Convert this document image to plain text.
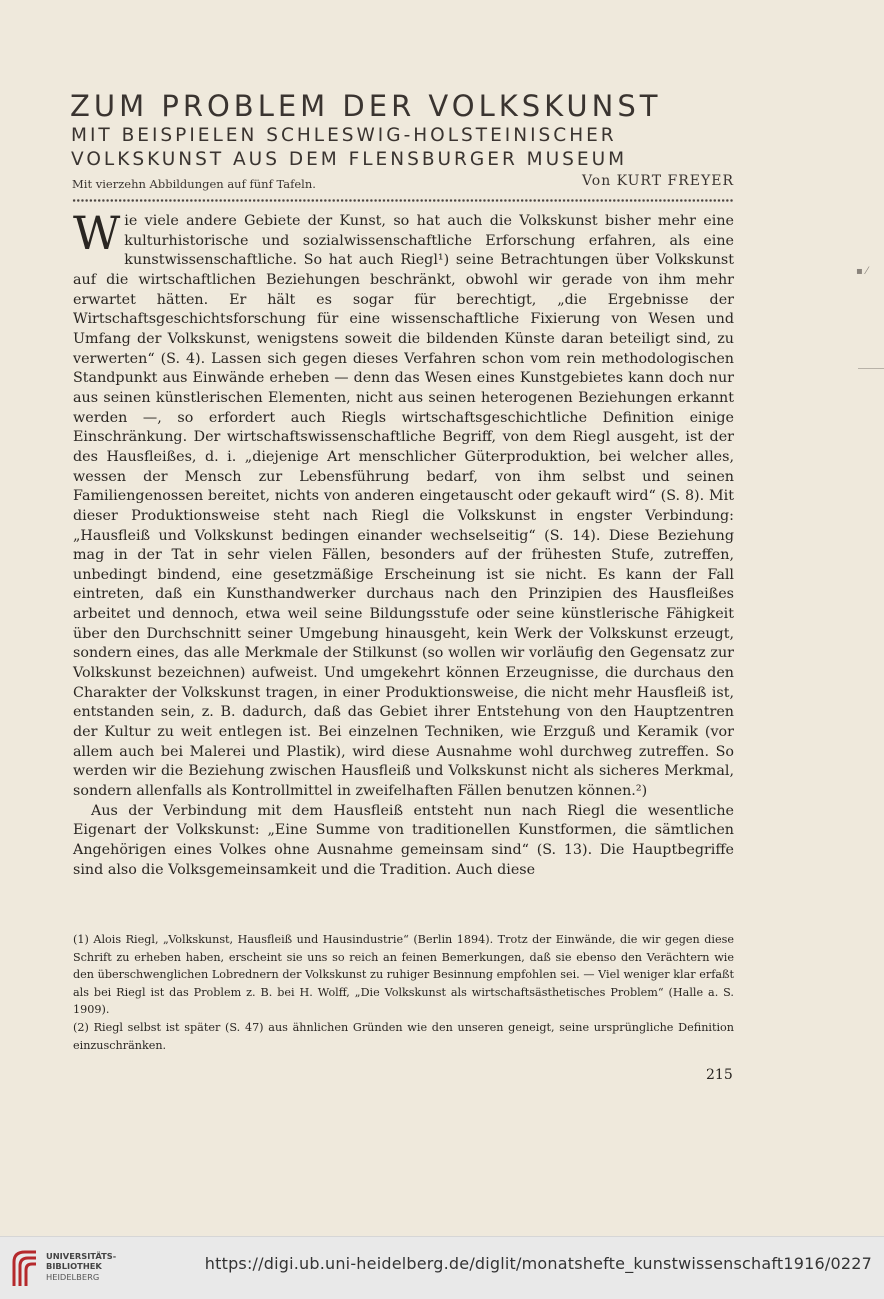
ZUM PROBLEM DER VOLKSKUNST
MIT BEISPIELEN SCHLESWIG-HOLSTEINISCHER
VOLKSKUNST AUS DEM FLENSBURGER MUSEUM
Mit vierzehn Abbildungen auf fünf Tafeln.	Von KURT FREYER

Wie viele andere Gebiete der Kunst, so hat auch die Volkskunst bisher mehr eine kulturhistorische und sozialwissenschaftliche Erforschung erfahren, als eine kunstwissenschaftliche. So hat auch Riegl¹) seine Betrachtungen über Volkskunst auf die wirtschaftlichen Beziehungen beschränkt, obwohl wir gerade von ihm mehr erwartet hätten. Er hält es sogar für berechtigt, „die Ergebnisse der Wirtschaftsgeschichtsforschung für eine wissenschaftliche Fixierung von Wesen und Umfang der Volkskunst, wenigstens soweit die bildenden Künste daran beteiligt sind, zu verwerten“ (S. 4). Lassen sich gegen dieses Verfahren schon vom rein methodologischen Standpunkt aus Einwände erheben — denn das Wesen eines Kunstgebietes kann doch nur aus seinen künstlerischen Elementen, nicht aus seinen heterogenen Beziehungen erkannt werden —, so erfordert auch Riegls wirtschaftsgeschichtliche Definition einige Einschränkung. Der wirtschaftswissenschaftliche Begriff, von dem Riegl ausgeht, ist der des Hausfleißes, d. i. „diejenige Art menschlicher Güterproduktion, bei welcher alles, wessen der Mensch zur Lebensführung bedarf, von ihm selbst und seinen Familiengenossen bereitet, nichts von anderen eingetauscht oder gekauft wird“ (S. 8). Mit dieser Produktionsweise steht nach Riegl die Volkskunst in engster Verbindung: „Hausfleiß und Volkskunst bedingen einander wechselseitig“ (S. 14). Diese Beziehung mag in der Tat in sehr vielen Fällen, besonders auf der frühesten Stufe, zutreffen, unbedingt bindend, eine gesetzmäßige Erscheinung ist sie nicht. Es kann der Fall eintreten, daß ein Kunsthandwerker durchaus nach den Prinzipien des Hausfleißes arbeitet und dennoch, etwa weil seine Bildungsstufe oder seine künstlerische Fähigkeit über den Durchschnitt seiner Umgebung hinausgeht, kein Werk der Volkskunst erzeugt, sondern eines, das alle Merkmale der Stilkunst (so wollen wir vorläufig den Gegensatz zur Volkskunst bezeichnen) aufweist. Und umgekehrt können Erzeugnisse, die durchaus den Charakter der Volkskunst tragen, in einer Produktionsweise, die nicht mehr Hausfleiß ist, entstanden sein, z. B. dadurch, daß das Gebiet ihrer Entstehung von den Hauptzentren der Kultur zu weit entlegen ist. Bei einzelnen Techniken, wie Erzguß und Keramik (vor allem auch bei Malerei und Plastik), wird diese Ausnahme wohl durchweg zutreffen. So werden wir die Beziehung zwischen Hausfleiß und Volkskunst nicht als sicheres Merkmal, sondern allenfalls als Kontrollmittel in zweifelhaften Fällen benutzen können.²)

Aus der Verbindung mit dem Hausfleiß entsteht nun nach Riegl die wesentliche Eigenart der Volkskunst: „Eine Summe von traditionellen Kunstformen, die sämtlichen Angehörigen eines Volkes ohne Ausnahme gemeinsam sind“ (S. 13). Die Hauptbegriffe sind also die Volksgemeinsamkeit und die Tradition. Auch diese

(1) Alois Riegl, „Volkskunst, Hausfleiß und Hausindustrie“ (Berlin 1894). Trotz der Einwände, die wir gegen diese Schrift zu erheben haben, erscheint sie uns so reich an feinen Bemerkungen, daß sie ebenso den Verächtern wie den überschwenglichen Lobrednern der Volkskunst zu ruhiger Besinnung empfohlen sei. — Viel weniger klar erfaßt als bei Riegl ist das Problem z. B. bei H. Wolff, „Die Volkskunst als wirtschaftsästhetisches Problem“ (Halle a. S. 1909).

(2) Riegl selbst ist später (S. 47) aus ähnlichen Gründen wie den unseren geneigt, seine ursprüngliche Definition einzuschränken.

215
▪ ⁄
UNIVERSITÄTS-
BIBLIOTHEK
HEIDELBERG
https://digi.ub.uni-heidelberg.de/diglit/monatshefte_kunstwissenschaft1916/0227
